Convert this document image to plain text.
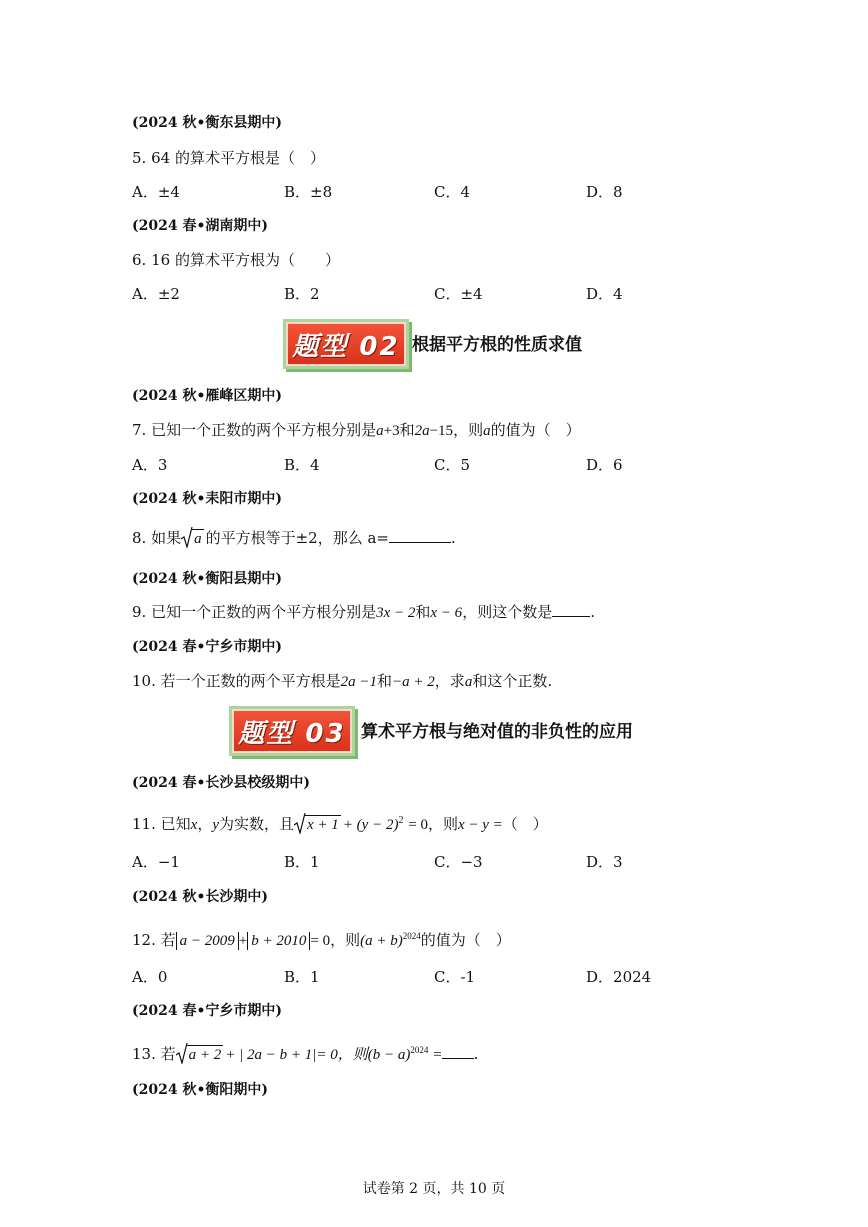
(2024 秋•衡东县期中)
5. 64 的算术平方根是（　）
A．±4	B．±8	C．4	D．8
(2024 春•湖南期中)
6. 16 的算术平方根为（　　）
A．±2	B．2	C．±4	D．4
题型 02 根据平方根的性质求值
(2024 秋•雁峰区期中)
7. 已知一个正数的两个平方根分别是a+3和2a−15，则a的值为（　）
A．3	B．4	C．5	D．6
(2024 秋•耒阳市期中)
8. 如果 a 的平方根等于±2，那么 a=	.
(2024 秋•衡阳县期中)
9. 已知一个正数的两个平方根分别是3x − 2和x − 6，则这个数是	.
(2024 春•宁乡市期中)
10. 若一个正数的两个平方根是2a −1和−a + 2，求a和这个正数.
题型 03 算术平方根与绝对值的非负性的应用
(2024 春•长沙县校级期中)
11. 已知x，y为实数，且 $x + 1 + (y - 2)^2 = 0$，则x − y =（　）
A．−1	B．1	C．−3	D．3
(2024 秋•长沙期中)
12. 若 a − 2009 + b + 2010 = 0，则$(a + b)^{2024}$的值为（　）
A．0	B．1	C．-1	D．2024
(2024 春•宁乡市期中)
13. 若 a + 2 + | 2a − b + 1|= 0，则$(b - a)^{2024}$ = .
(2024 秋•衡阳期中)
试卷第 2 页，共 10 页
